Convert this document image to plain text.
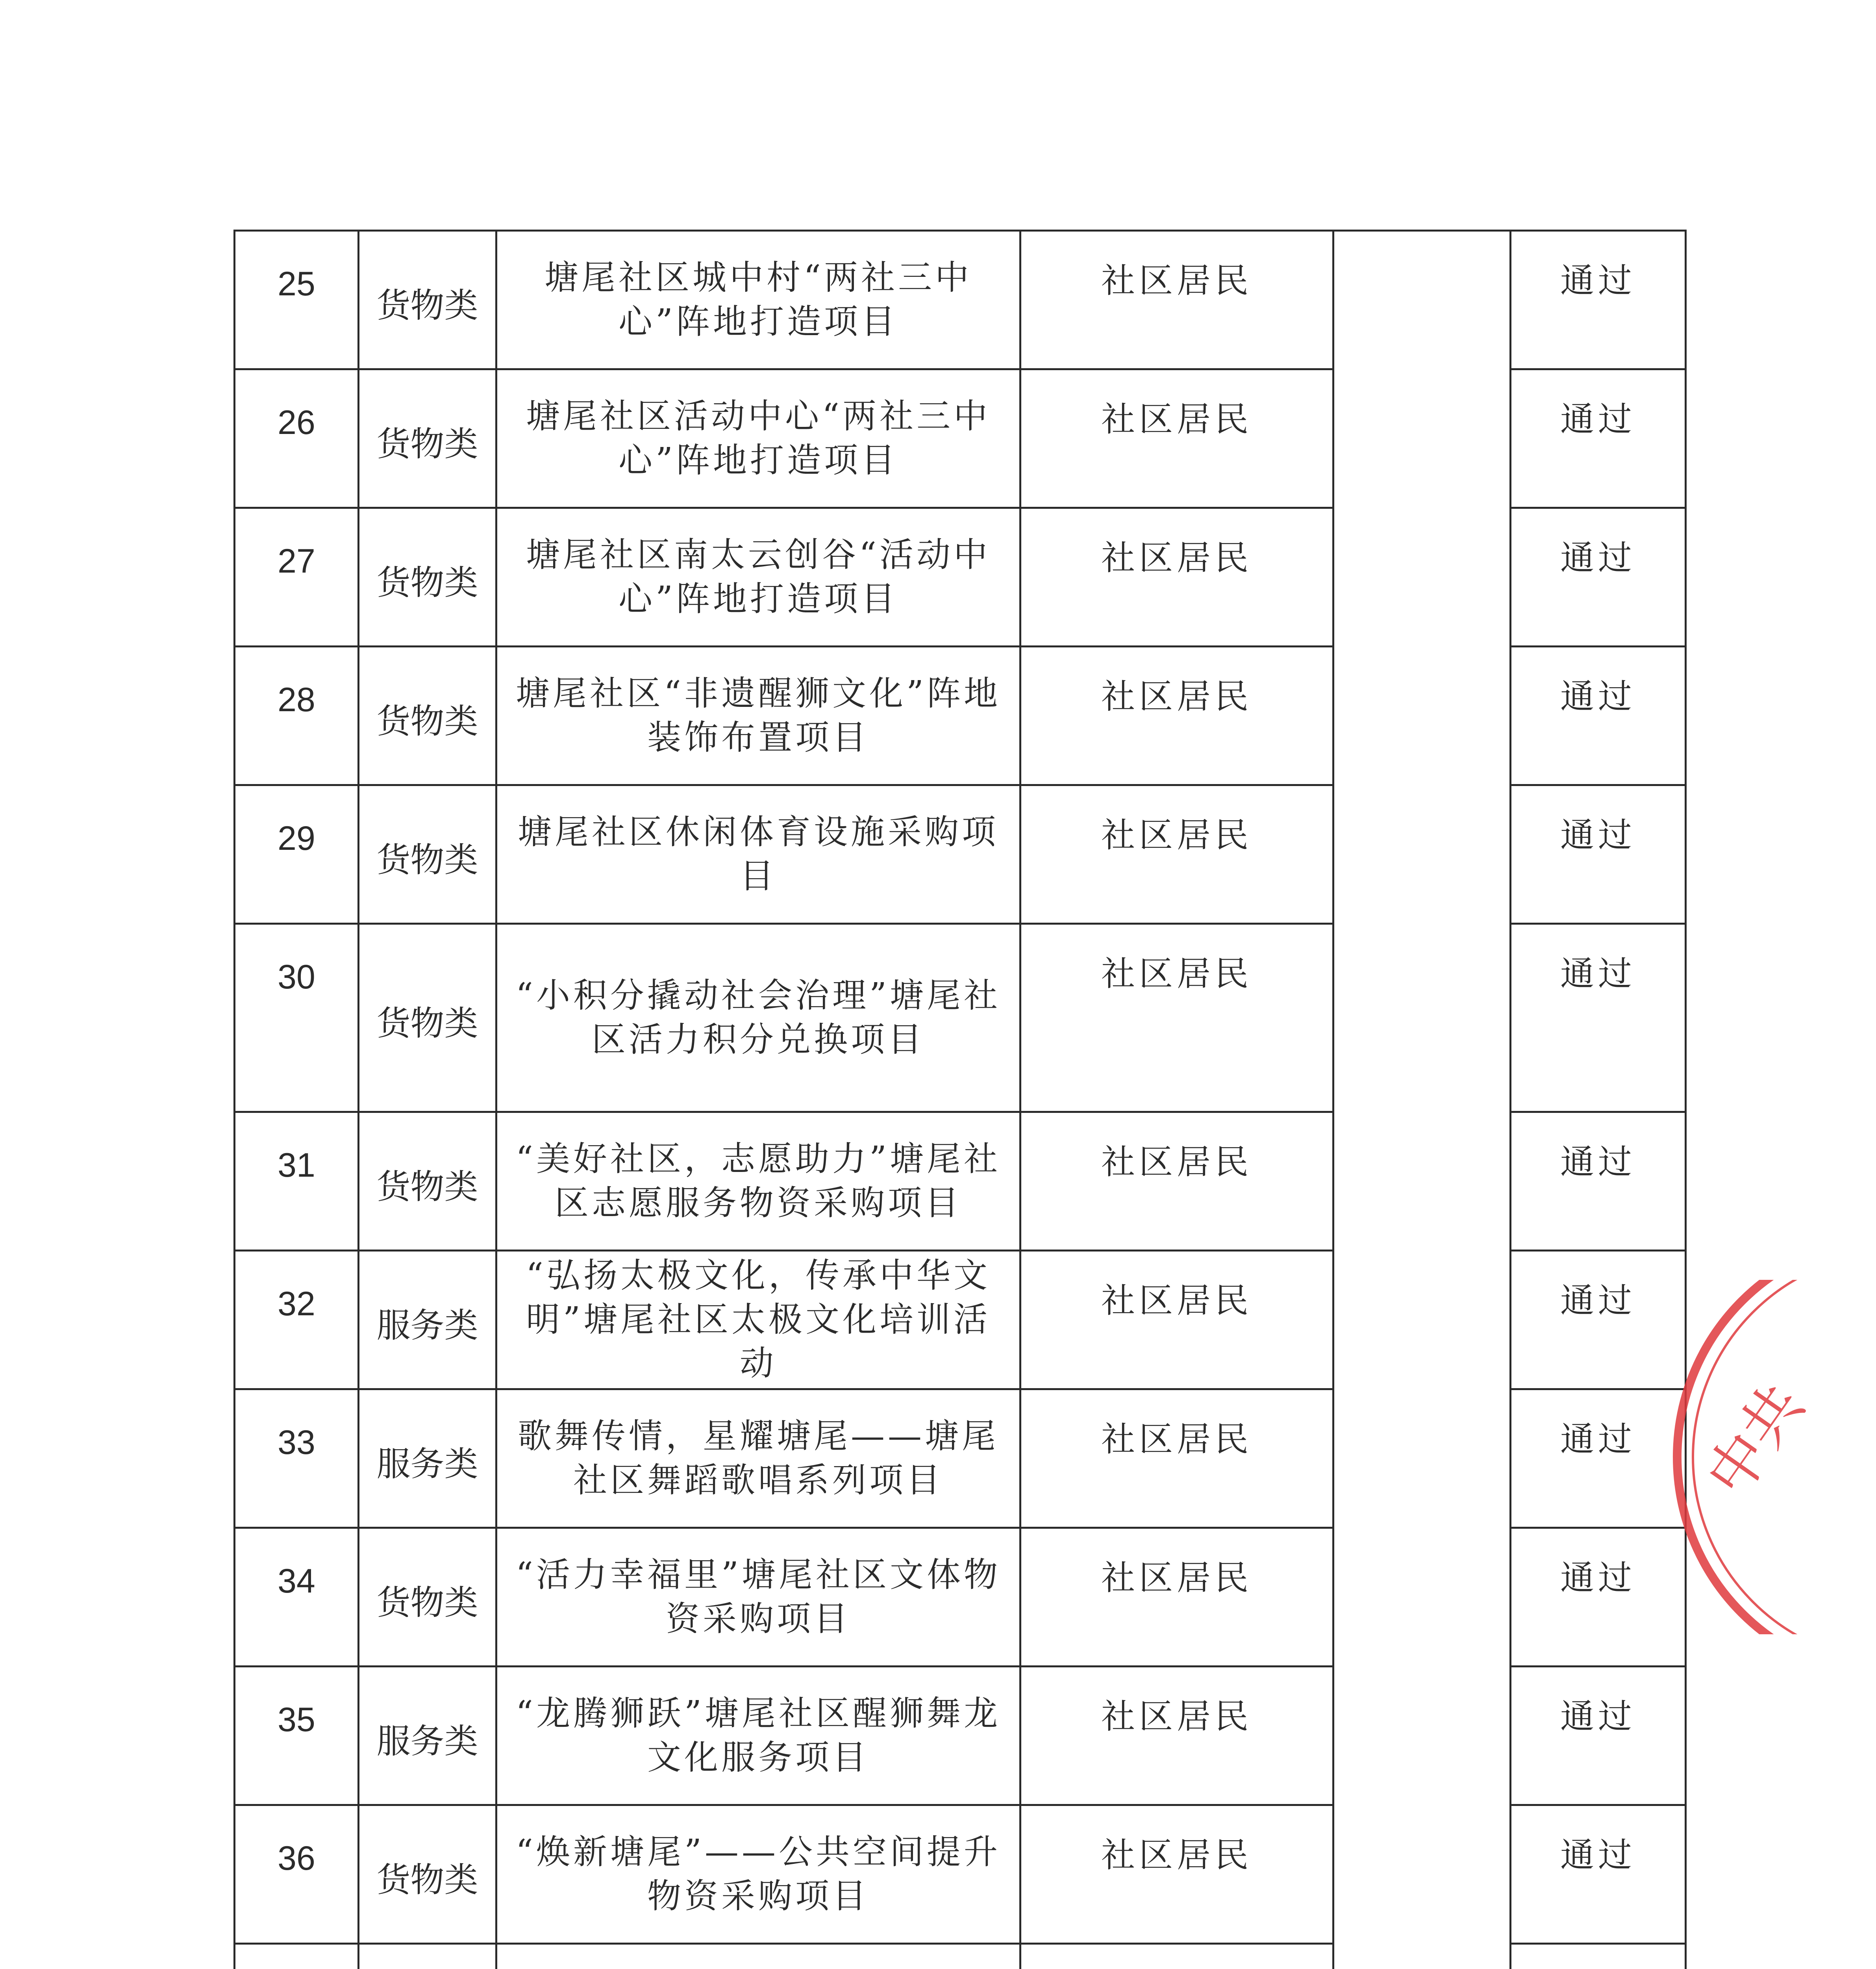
25	货物类	塘尾社区城中村“两社三中心”阵地打造项目	社区居民		通过
26	货物类	塘尾社区活动中心“两社三中心”阵地打造项目	社区居民		通过
27	货物类	塘尾社区南太云创谷“活动中心”阵地打造项目	社区居民		通过
28	货物类	塘尾社区“非遗醒狮文化”阵地装饰布置项目	社区居民		通过
29	货物类	塘尾社区休闲体育设施采购项目	社区居民		通过
30	货物类	“小积分撬动社会治理”塘尾社区活力积分兑换项目	社区居民		通过
31	货物类	“美好社区，志愿助力”塘尾社区志愿服务物资采购项目	社区居民		通过
32	服务类	“弘扬太极文化，传承中华文明”塘尾社区太极文化培训活动	社区居民		通过
33	服务类	歌舞传情，星耀塘尾——塘尾社区舞蹈歌唱系列项目	社区居民		通过
34	货物类	“活力幸福里”塘尾社区文体物资采购项目	社区居民		通过
35	服务类	“龙腾狮跃”塘尾社区醒狮舞龙文化服务项目	社区居民		通过
36	货物类	“焕新塘尾”——公共空间提升物资采购项目	社区居民		通过

中共
